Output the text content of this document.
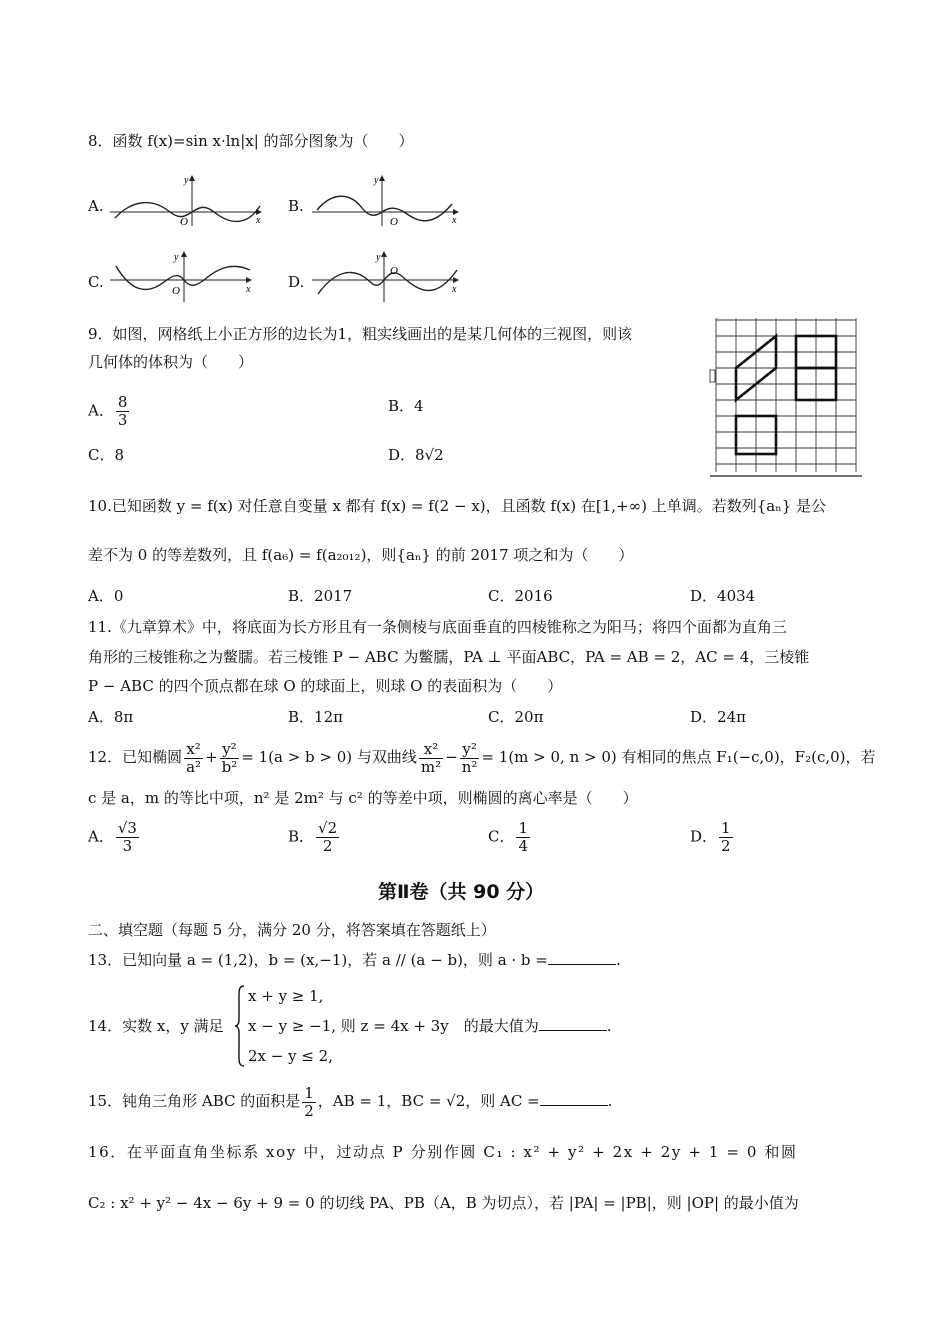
8．函数 f(x)=sin x·ln|x| 的部分图象为（　　）
A.	B.
C.	D.
y
O	x
y
O	x
y
O	x
y
O
x
9．如图，网格纸上小正方形的边长为1，粗实线画出的是某几何体的三视图，则该
几何体的体积为（　　）
A． $\frac{8}{3}$	B．4
C．8	D．8√2
10.已知函数 y = f(x) 对任意自变量 x 都有 f(x) = f(2 − x)，且函数 f(x) 在[1,+∞) 上单调。若数列{aₙ} 是公
差不为 0 的等差数列，且 f(a₆) = f(a₂₀₁₂)，则{aₙ} 的前 2017 项之和为（　　）
A．0	B．2017	C．2016	D．4034
11.《九章算术》中，将底面为长方形且有一条侧棱与底面垂直的四棱锥称之为阳马；将四个面都为直角三
角形的三棱锥称之为鳖臑。若三棱锥 P − ABC 为鳖臑，PA ⊥ 平面ABC，PA = AB = 2，AC = 4，三棱锥
P − ABC 的四个顶点都在球 O 的球面上，则球 O 的表面积为（　　）
A．8π	B．12π	C．20π	D．24π
12．已知椭圆 $\frac{\text{x²}}{\text{a²}} + \frac{\text{y²}}{\text{b²}} = 1(a > b > 0)$ 与双曲线 $\frac{\text{x²}}{\text{m²}} - \frac{\text{y²}}{\text{n²}} = 1(m > 0$, n > 0) 有相同的焦点 F₁(−c,0)，F₂(c,0)，若
c 是 a，m 的等比中项，n² 是 2m² 与 c² 的等差中项，则椭圆的离心率是（　　）
A． $\frac{√3}{3}$	B． $\frac{√2}{2}$	C． $\frac{1}{4}$	D． $\frac{1}{2}$
第Ⅱ卷（共 90 分）
二、填空题（每题 5 分，满分 20 分，将答案填在答题纸上）
13．已知向量 a = (1,2)，b = (x,−1)，若 a // (a − b)，则 a · b =	.
14．实数 x，y 满足
x + y ≥ 1,
x − y ≥ −1, 则 z = 4x + 3y　的最大值为	.
2x − y ≤ 2,
15．钝角三角形 ABC 的面积是 $\frac{1}{2}$ ，AB = 1，BC = √2，则 AC =	.
16．在平面直角坐标系 xoy 中，过动点 P 分别作圆 C₁ : x² + y² + 2x + 2y + 1 = 0 和圆
C₂ : x² + y² − 4x − 6y + 9 = 0 的切线 PA、PB（A，B 为切点），若 |PA| = |PB|，则 |OP| 的最小值为
